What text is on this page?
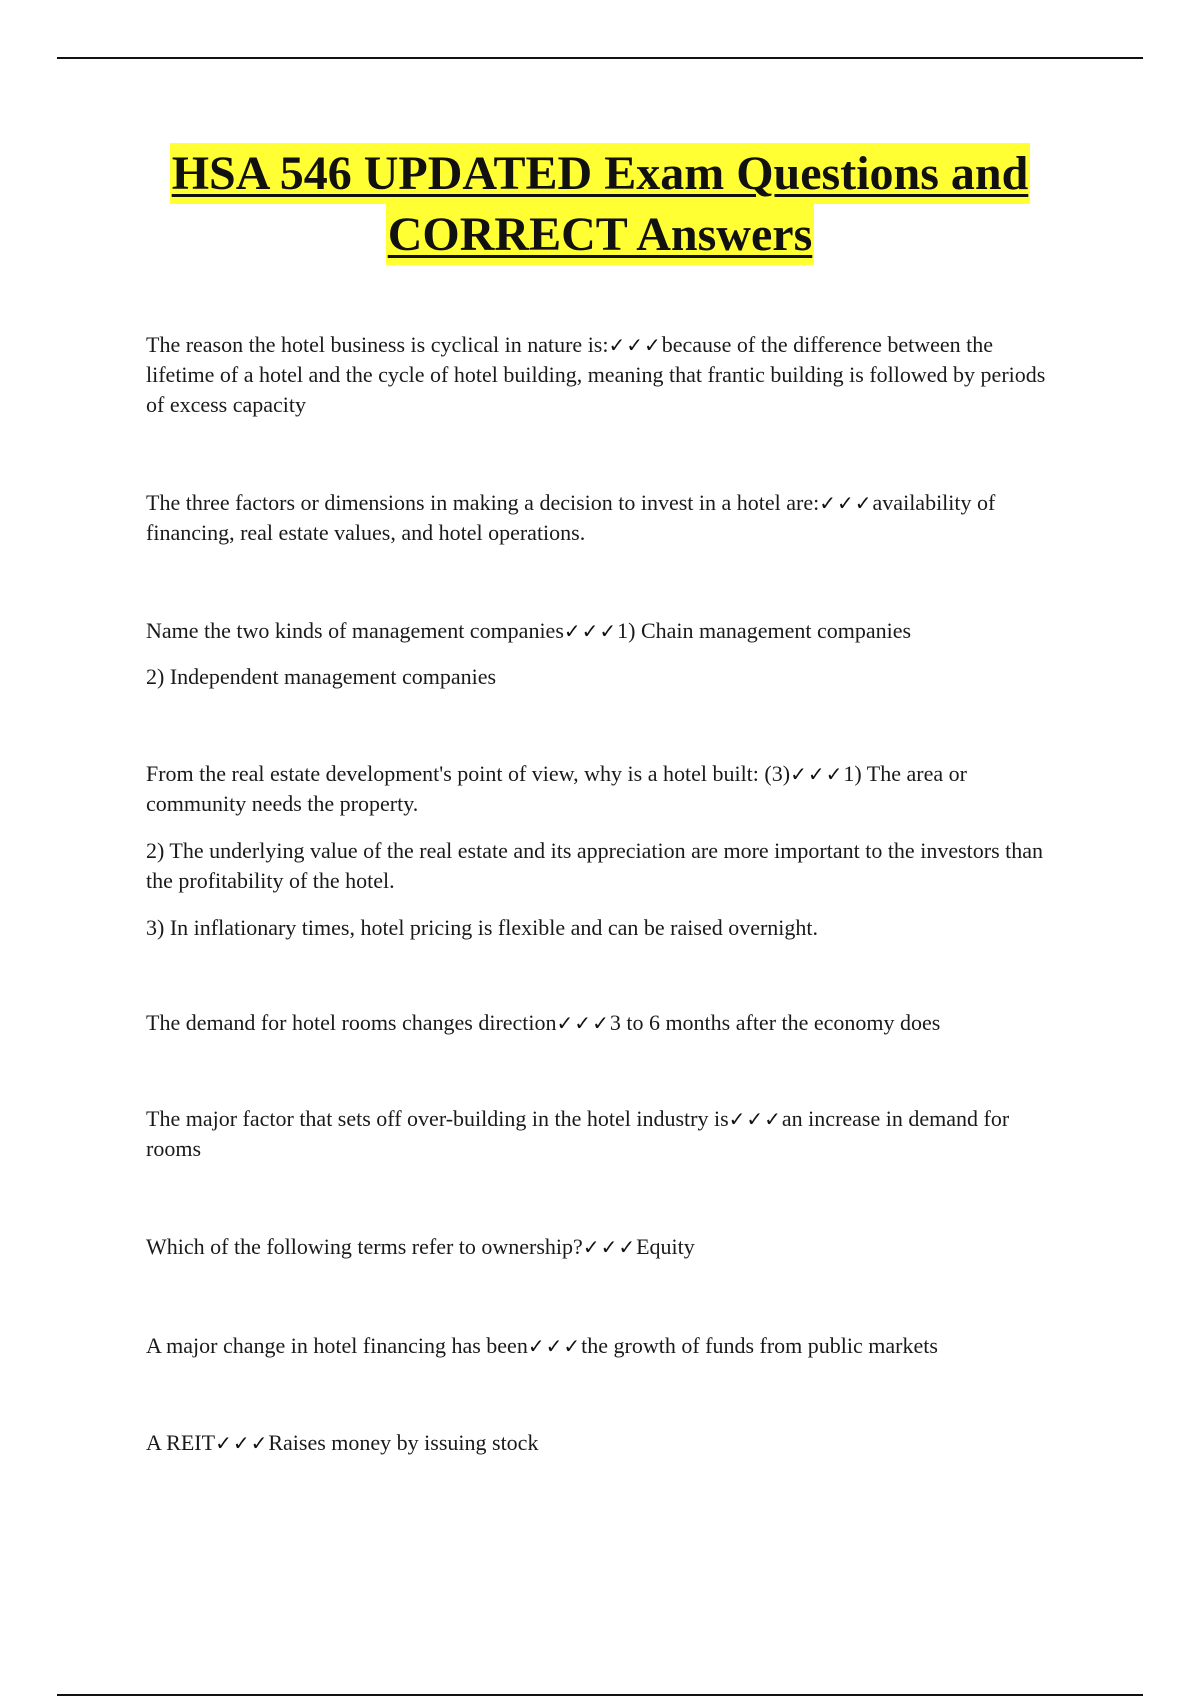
HSA 546 UPDATED Exam Questions and
CORRECT Answers

The reason the hotel business is cyclical in nature is:✓✓✓because of the difference between the lifetime of a hotel and the cycle of hotel building, meaning that frantic building is followed by periods of excess capacity

The three factors or dimensions in making a decision to invest in a hotel are:✓✓✓availability of financing, real estate values, and hotel operations.

Name the two kinds of management companies✓✓✓1) Chain management companies

2) Independent management companies

From the real estate development's point of view, why is a hotel built: (3)✓✓✓1) The area or community needs the property.

2) The underlying value of the real estate and its appreciation are more important to the investors than the profitability of the hotel.

3) In inflationary times, hotel pricing is flexible and can be raised overnight.

The demand for hotel rooms changes direction✓✓✓3 to 6 months after the economy does

The major factor that sets off over-building in the hotel industry is✓✓✓an increase in demand for rooms

Which of the following terms refer to ownership?✓✓✓Equity

A major change in hotel financing has been✓✓✓the growth of funds from public markets

A REIT✓✓✓Raises money by issuing stock
